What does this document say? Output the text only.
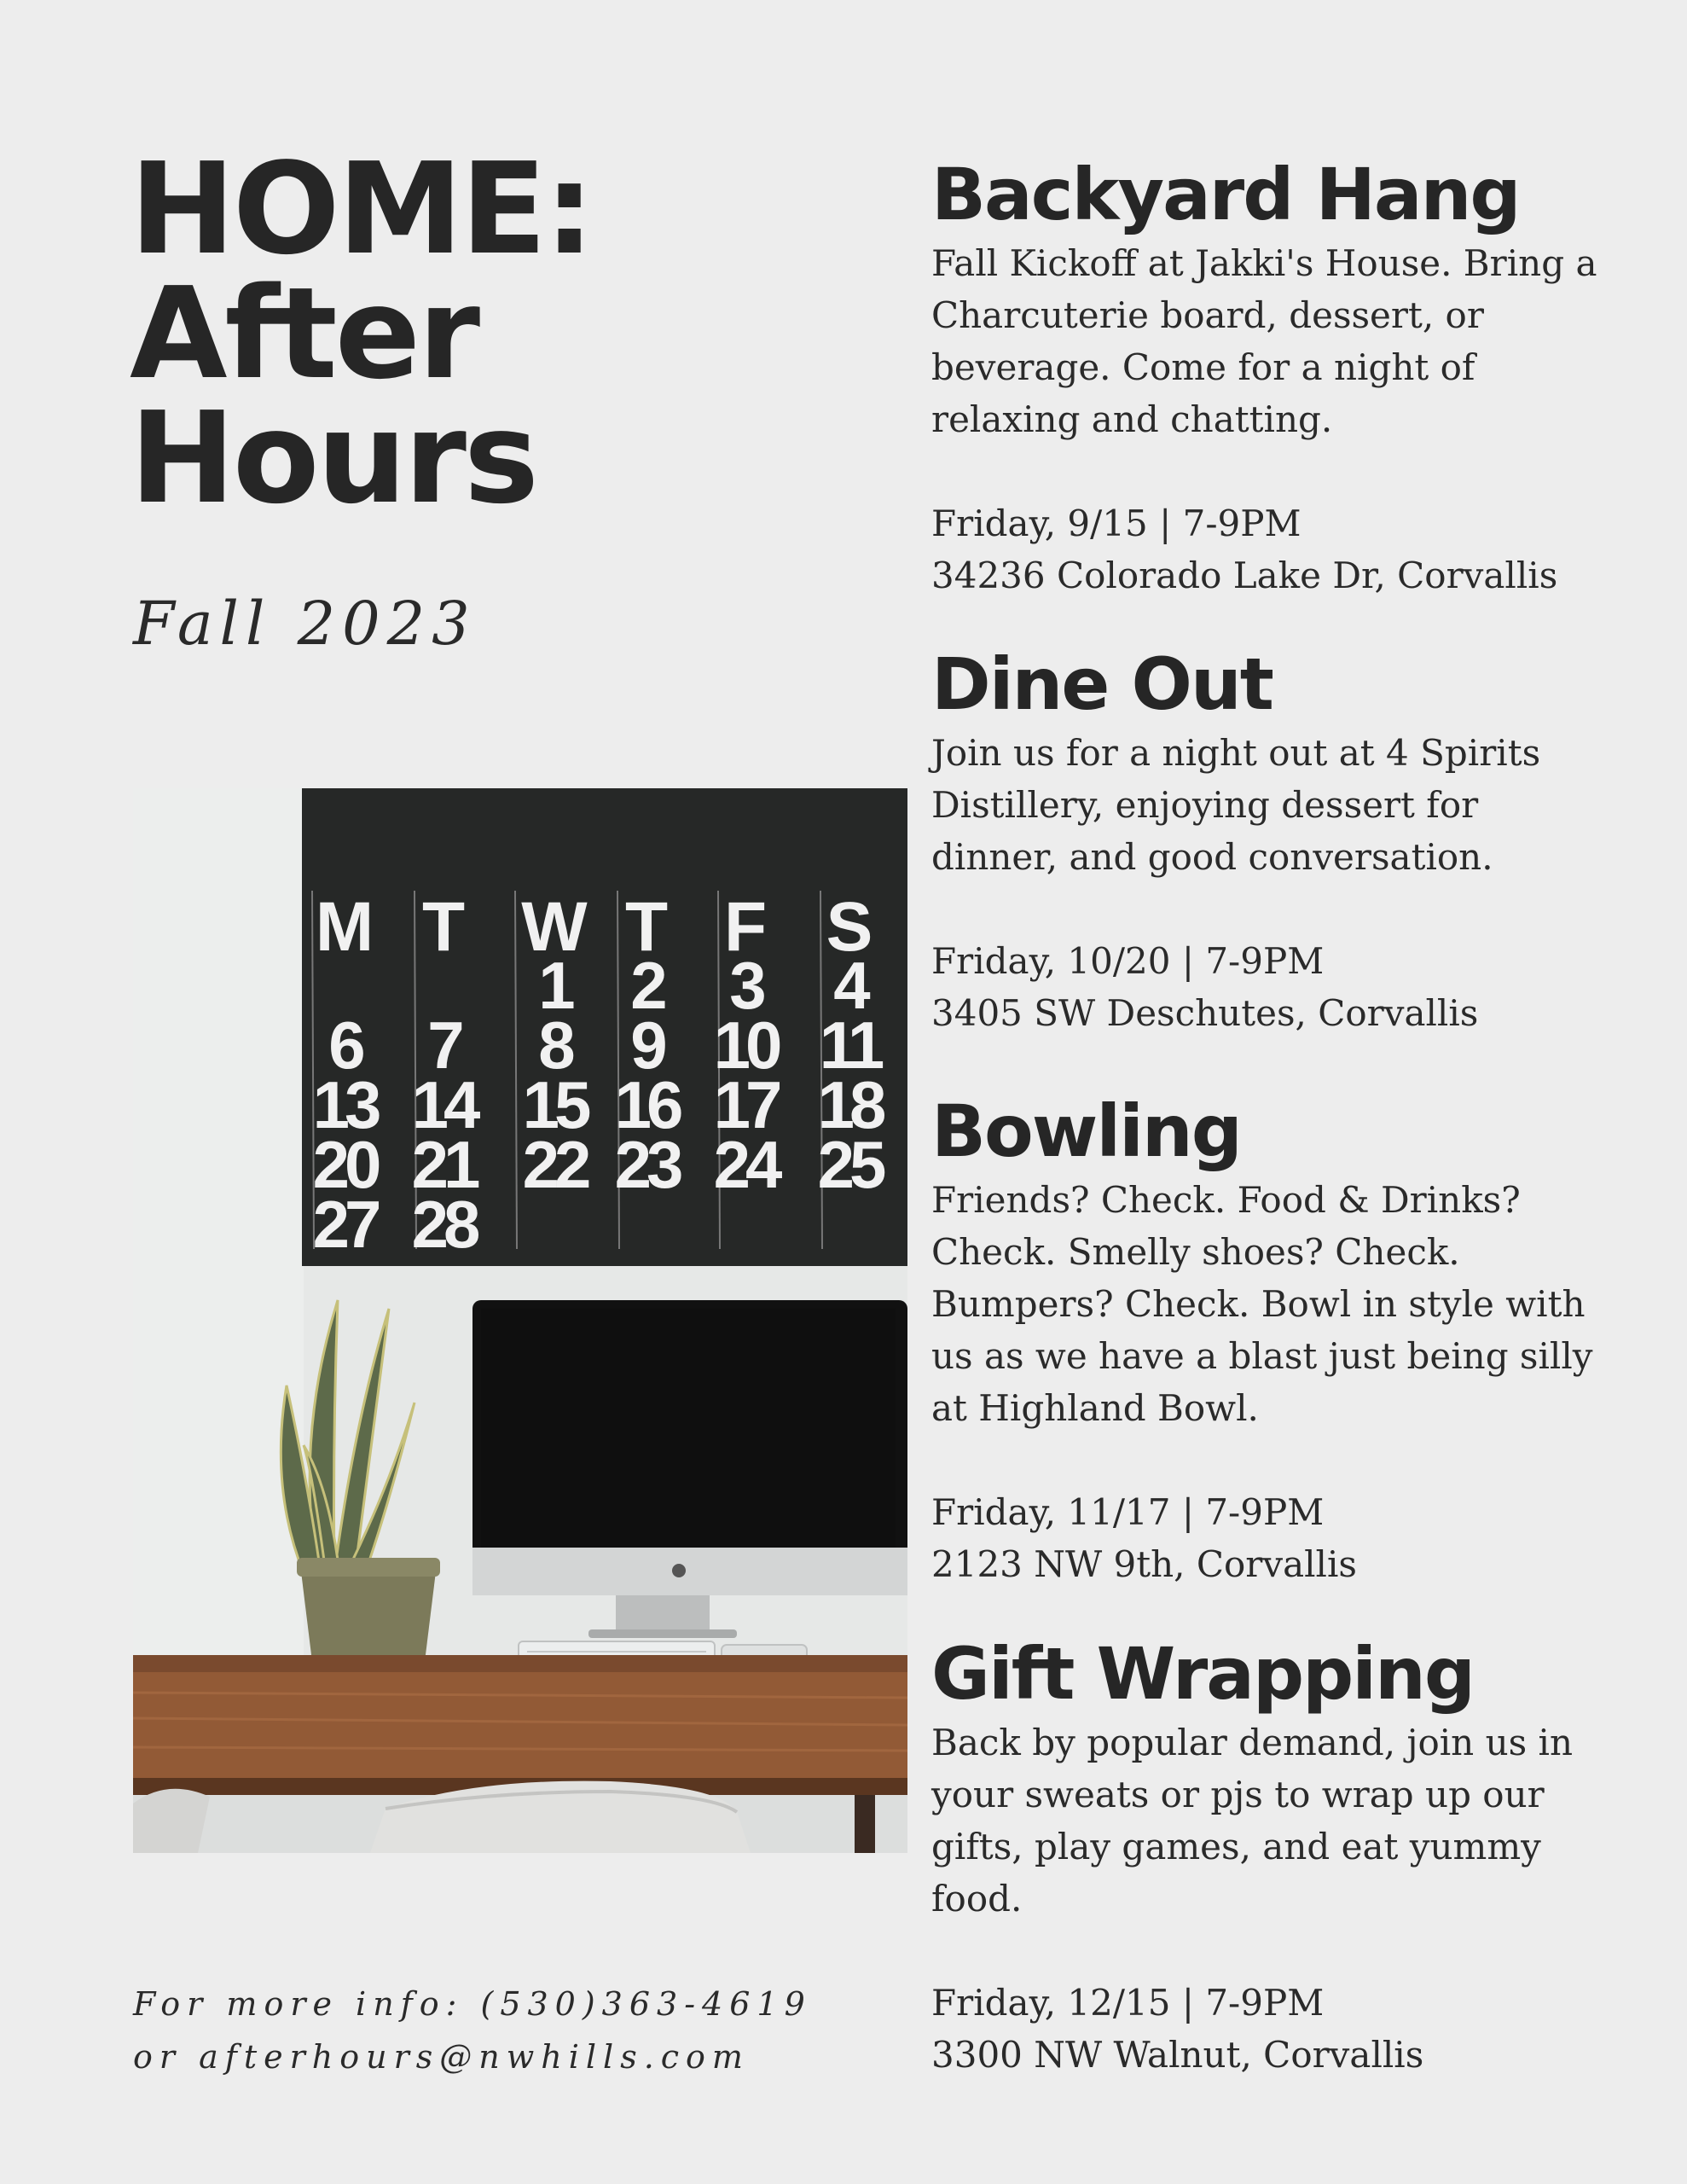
HOME:
After
Hours
Fall 2023
M T W T F S
1 2 3 4
6 7 8 9 10 11
13 14 15 16 17 18
20 21 22 23 24 25
27 28
For more info: (530)363-4619
or afterhours@nwhills.com
Backyard Hang

Fall Kickoff at Jakki's House. Bring a

Charcuterie board, dessert, or

beverage. Come for a night of

relaxing and chatting.

Friday, 9/15 | 7-9PM

34236 Colorado Lake Dr, Corvallis

Dine Out

Join us for a night out at 4 Spirits

Distillery, enjoying dessert for

dinner, and good conversation.

Friday, 10/20 | 7-9PM

3405 SW Deschutes, Corvallis

Bowling

Friends? Check. Food & Drinks?

Check. Smelly shoes? Check.

Bumpers? Check. Bowl in style with

us as we have a blast just being silly

at Highland Bowl.

Friday, 11/17 | 7-9PM

2123 NW 9th, Corvallis

Gift Wrapping

Back by popular demand, join us in

your sweats or pjs to wrap up our

gifts, play games, and eat yummy

food.

Friday, 12/15 | 7-9PM

3300 NW Walnut, Corvallis
